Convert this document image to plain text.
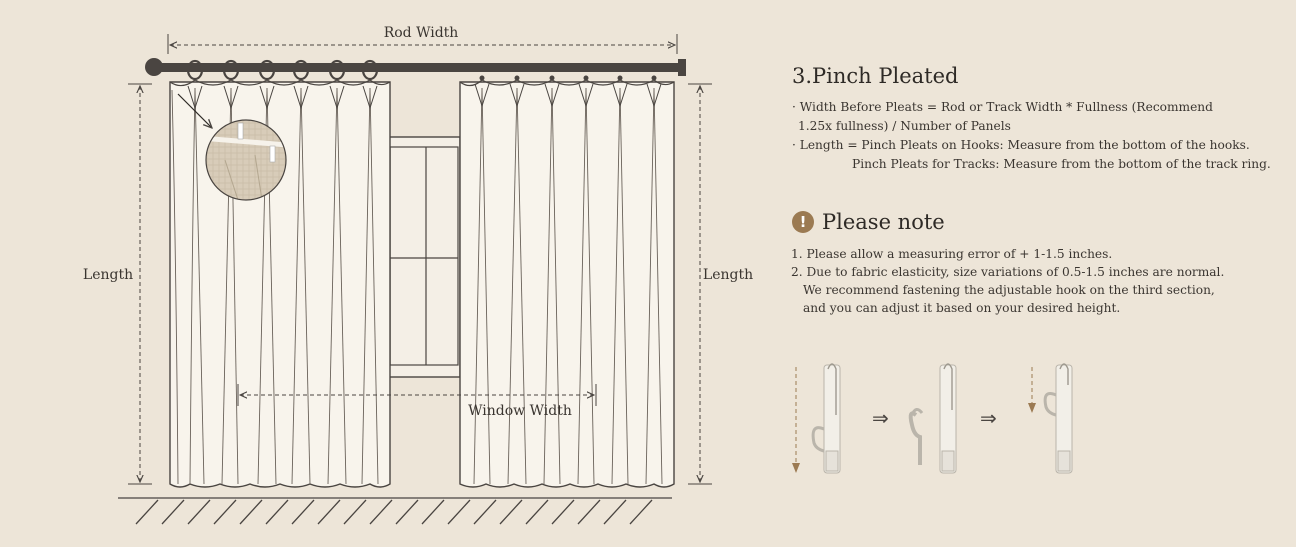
Rod Width
Length	Length
Window Width
3.Pinch Pleated
· Width Before Pleats = Rod or Track Width * Fullness (Recommend
1.25x fullness) / Number of Panels
· Length = Pinch Pleats on Hooks: Measure from the bottom of the hooks.
Pinch Pleats for Tracks: Measure from the bottom of the track ring.
! Please note
1. Please allow a measuring error of + 1-1.5 inches.
2. Due to fabric elasticity, size variations of 0.5-1.5 inches are normal.
We recommend fastening the adjustable hook on the third section,
and you can adjust it based on your desired height.
⇒	⇒
